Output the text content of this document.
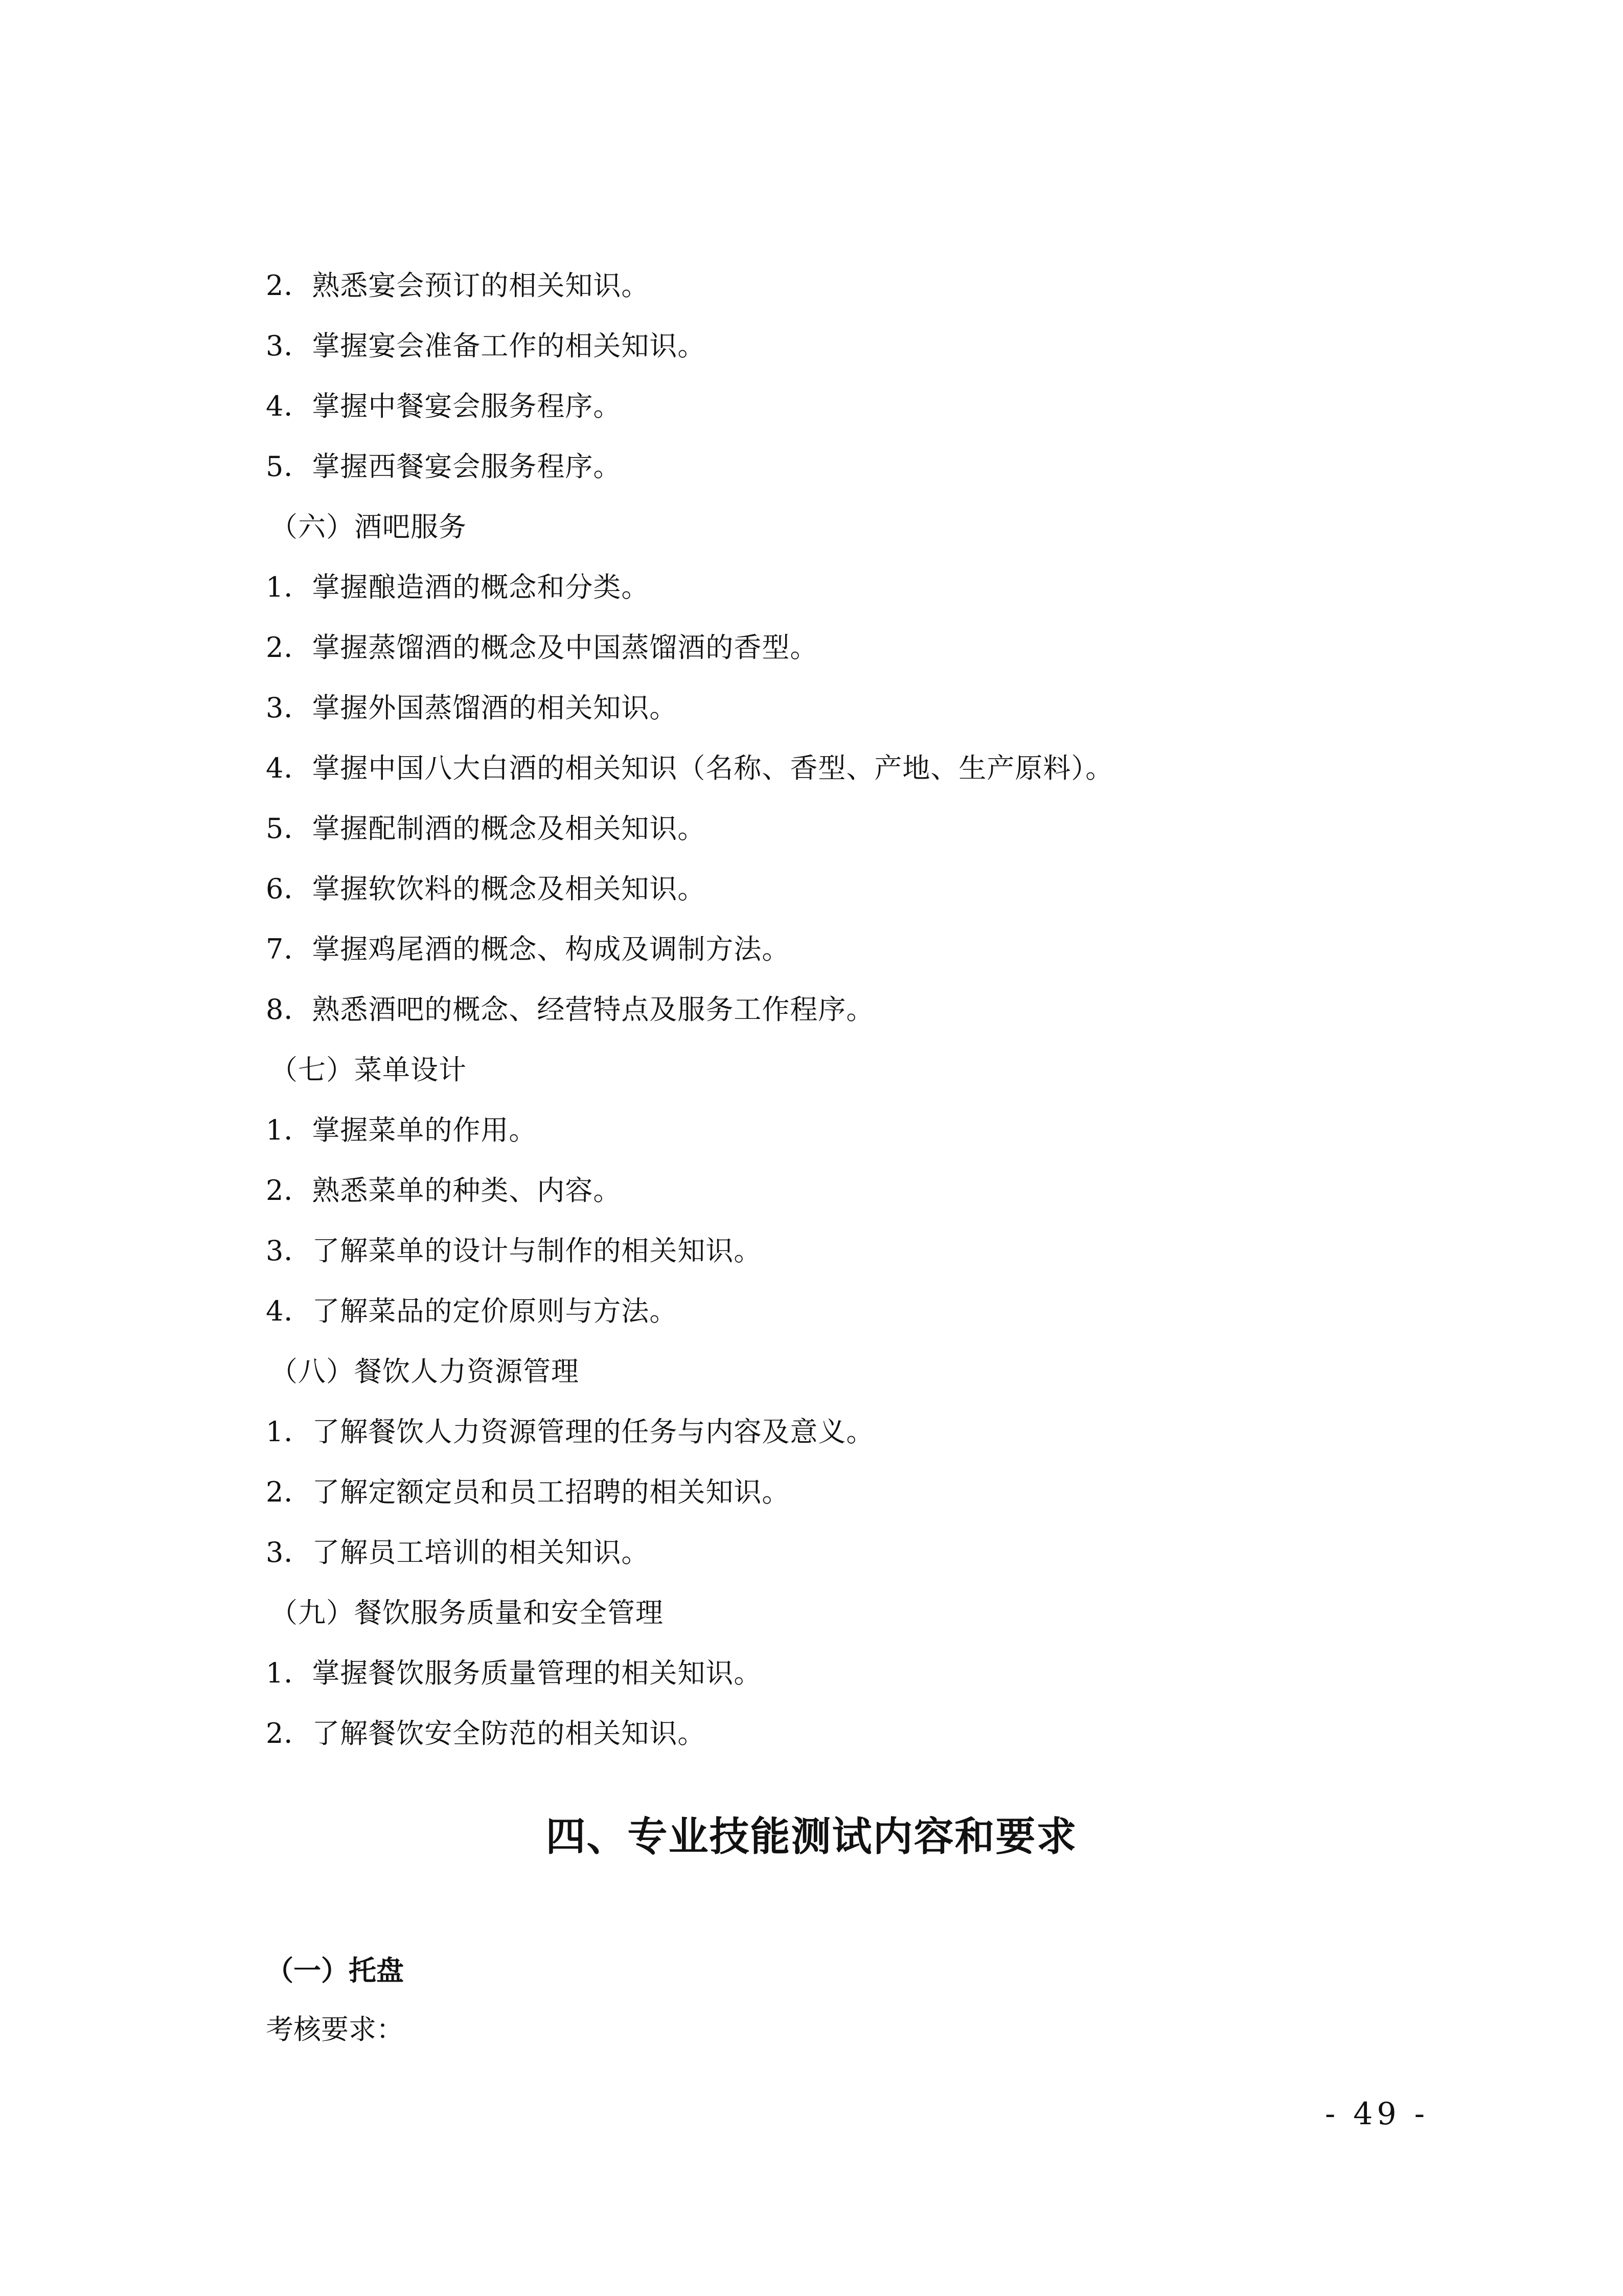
2．熟悉宴会预订的相关知识。
3．掌握宴会准备工作的相关知识。
4．掌握中餐宴会服务程序。
5．掌握西餐宴会服务程序。
（六）酒吧服务
1．掌握酿造酒的概念和分类。
2．掌握蒸馏酒的概念及中国蒸馏酒的香型。
3．掌握外国蒸馏酒的相关知识。
4．掌握中国八大白酒的相关知识（名称、香型、产地、生产原料）。
5．掌握配制酒的概念及相关知识。
6．掌握软饮料的概念及相关知识。
7．掌握鸡尾酒的概念、构成及调制方法。
8．熟悉酒吧的概念、经营特点及服务工作程序。
（七）菜单设计
1．掌握菜单的作用。
2．熟悉菜单的种类、内容。
3．了解菜单的设计与制作的相关知识。
4．了解菜品的定价原则与方法。
（八）餐饮人力资源管理
1．了解餐饮人力资源管理的任务与内容及意义。
2．了解定额定员和员工招聘的相关知识。
3．了解员工培训的相关知识。
（九）餐饮服务质量和安全管理
1．掌握餐饮服务质量管理的相关知识。
2．了解餐饮安全防范的相关知识。
四、专业技能测试内容和要求
（一）托盘
考核要求：
- 49 -
